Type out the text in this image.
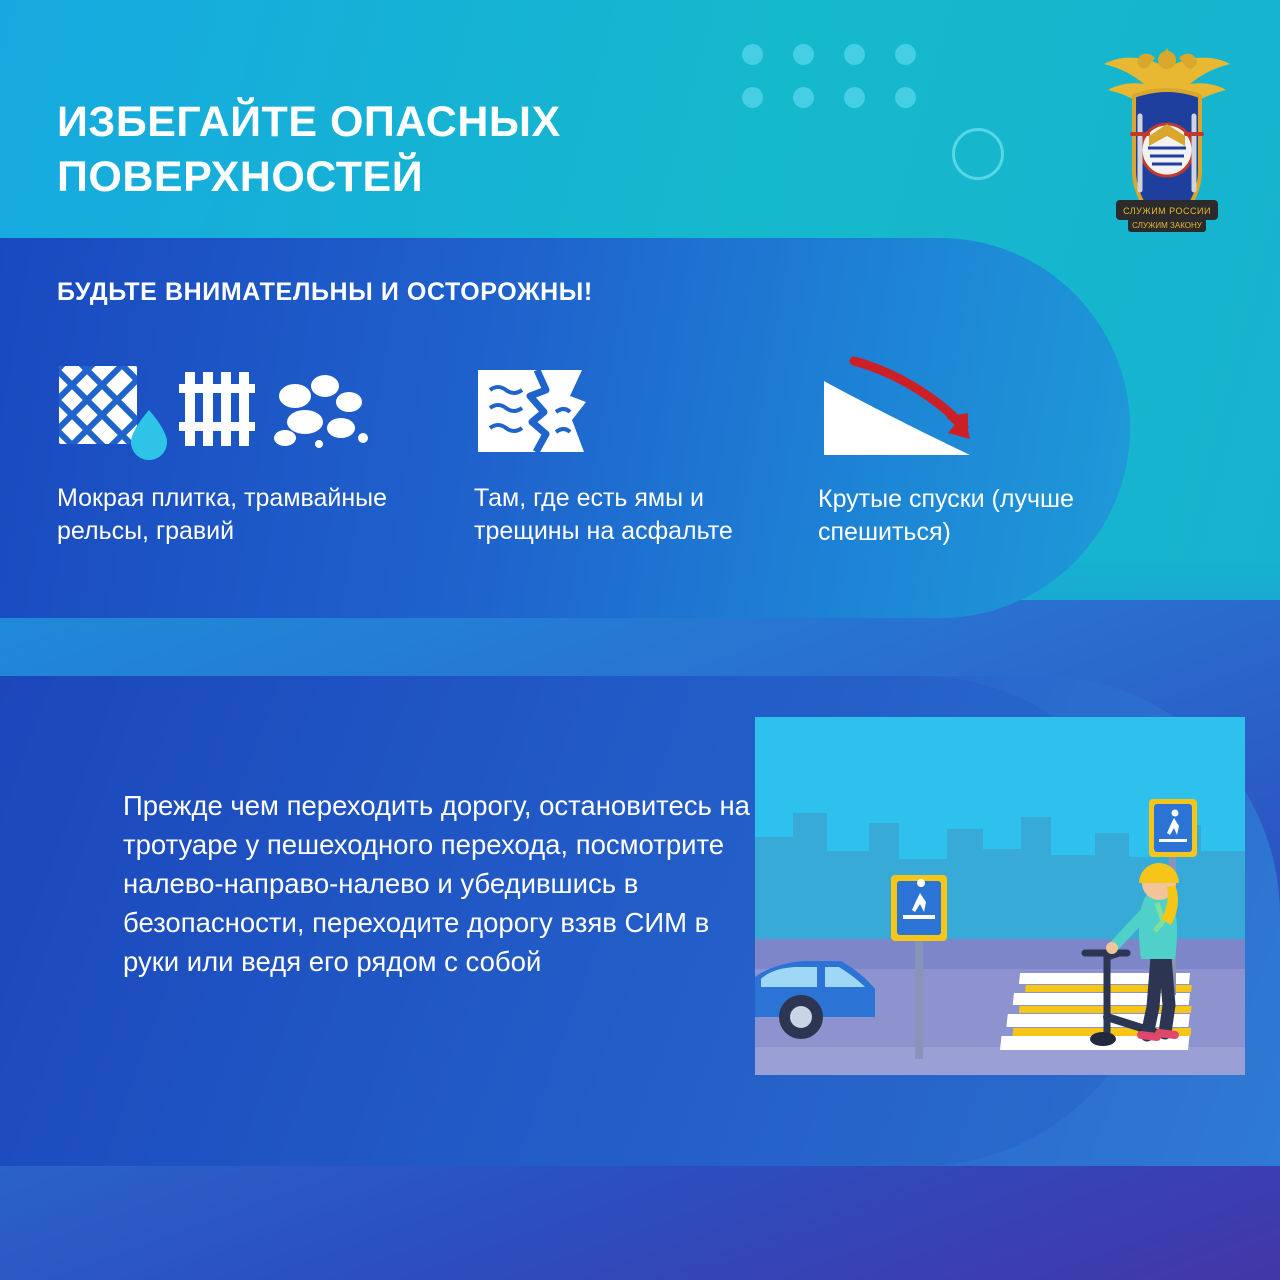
СЛУЖИМ РОССИИ
СЛУЖИМ ЗАКОНУ
ИЗБЕГАЙТЕ ОПАСНЫХ ПОВЕРХНОСТЕЙ
БУДЬТЕ ВНИМАТЕЛЬНЫ И ОСТОРОЖНЫ!
Мокрая плитка, трамвайные рельсы, гравий
Там, где есть ямы и трещины на асфальте
Крутые спуски (лучше спешиться)
Прежде чем переходить дорогу, остановитесь на тротуаре у пешеходного перехода, посмотрите налево-направо-налево и убедившись в безопасности, переходите дорогу взяв СИМ в руки или ведя его рядом с собой
